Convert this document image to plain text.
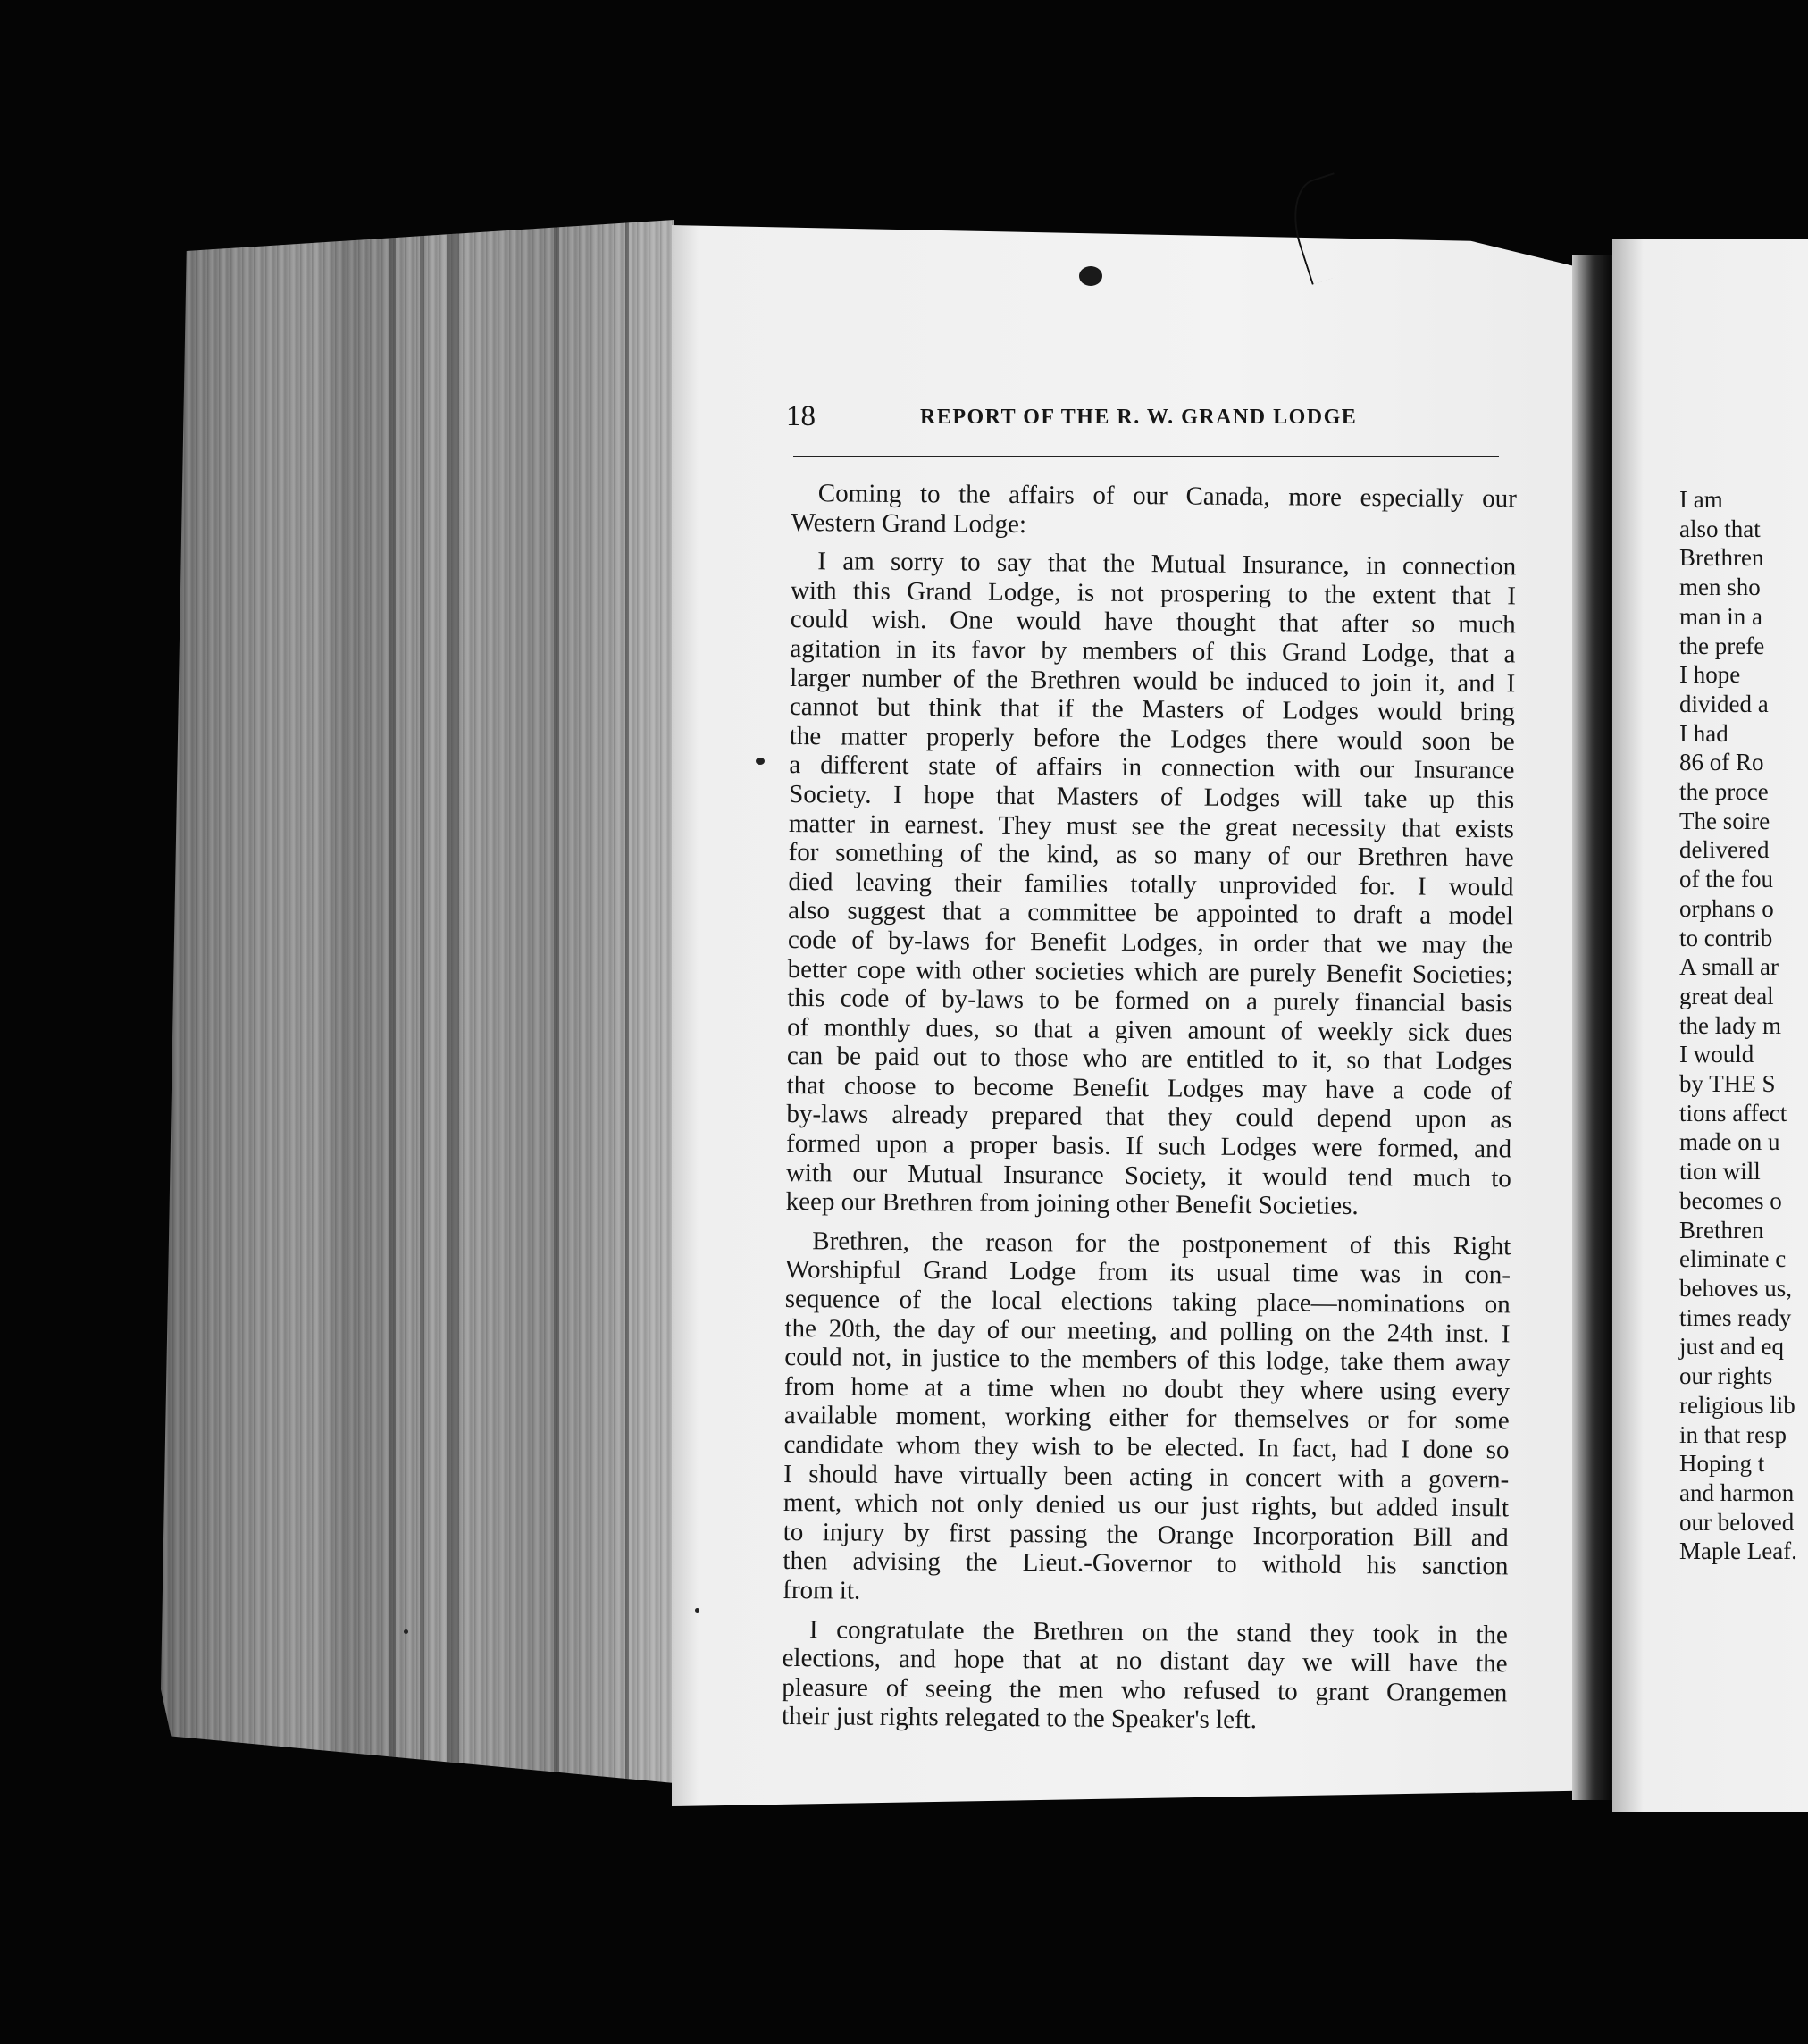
18	REPORT OF THE R. W. GRAND LODGE

Coming to the affairs of our Canada, more especially our
Western Grand Lodge:

I am sorry to say that the Mutual Insurance, in connection
with this Grand Lodge, is not prospering to the extent that I
could wish. One would have thought that after so much
agitation in its favor by members of this Grand Lodge, that a
larger number of the Brethren would be induced to join it, and I
cannot but think that if the Masters of Lodges would bring
the matter properly before the Lodges there would soon be
a different state of affairs in connection with our Insurance
Society. I hope that Masters of Lodges will take up this
matter in earnest. They must see the great necessity that exists
for something of the kind, as so many of our Brethren have
died leaving their families totally unprovided for. I would
also suggest that a committee be appointed to draft a model
code of by-laws for Benefit Lodges, in order that we may the
better cope with other societies which are purely Benefit Societies;
this code of by-laws to be formed on a purely financial basis
of monthly dues, so that a given amount of weekly sick dues
can be paid out to those who are entitled to it, so that Lodges
that choose to become Benefit Lodges may have a code of
by-laws already prepared that they could depend upon as
formed upon a proper basis. If such Lodges were formed, and
with our Mutual Insurance Society, it would tend much to
keep our Brethren from joining other Benefit Societies.

Brethren, the reason for the postponement of this Right
Worshipful Grand Lodge from its usual time was in con-
sequence of the local elections taking place—nominations on
the 20th, the day of our meeting, and polling on the 24th inst. I
could not, in justice to the members of this lodge, take them away
from home at a time when no doubt they where using every
available moment, working either for themselves or for some
candidate whom they wish to be elected. In fact, had I done so
I should have virtually been acting in concert with a govern-
ment, which not only denied us our just rights, but added insult
to injury by first passing the Orange Incorporation Bill and
then advising the Lieut.-Governor to withold his sanction
from it.

I congratulate the Brethren on the stand they took in the
elections, and hope that at no distant day we will have the
pleasure of seeing the men who refused to grant Orangemen
their just rights relegated to the Speaker's left.

I am
also that
Brethren
men sho
man in a
the prefe
I hope
divided a
I had
86 of Ro
the proce
The soire
delivered
of the fou
orphans o
to contrib
A small ar
great deal
the lady m
I would
by THE S
tions affect
made on u
tion will
becomes o
Brethren
eliminate c
behoves us,
times ready
just and eq
our rights
religious lib
in that resp
Hoping t
and harmon
our beloved
Maple Leaf.
